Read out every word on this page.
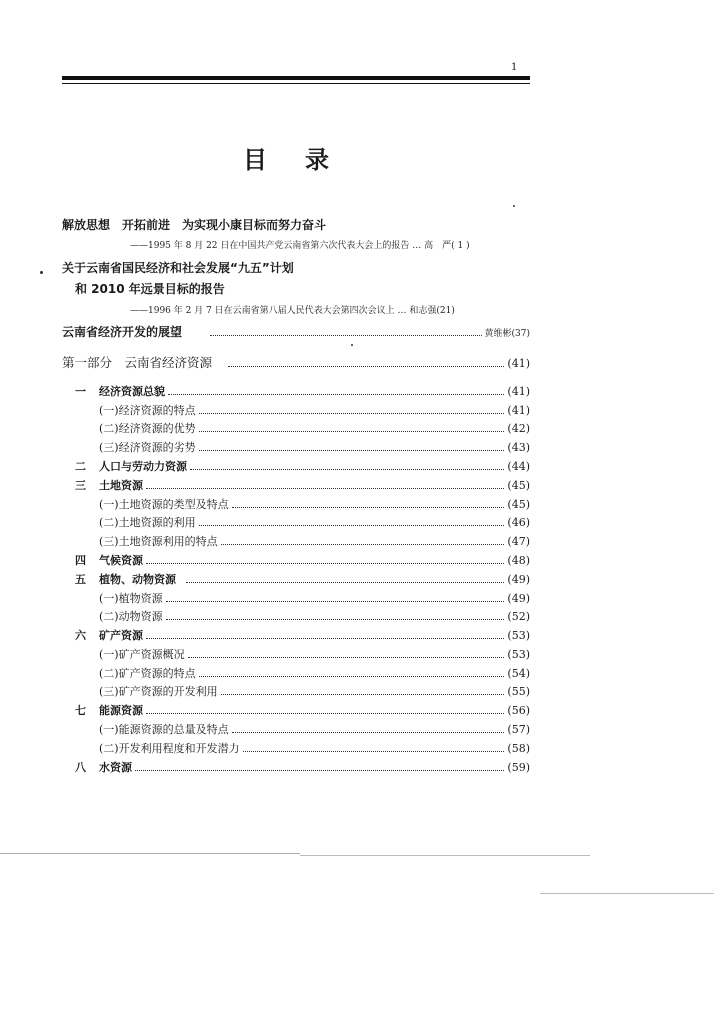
1
目录
解放思想　开拓前进　为实现小康目标而努力奋斗
——1995 年 8 月 22 日在中国共产党云南省第六次代表大会上的报告 … 高　严( 1 )
关于云南省国民经济和社会发展“九五”计划
和 2010 年远景目标的报告
——1996 年 2 月 7 日在云南省第八届人民代表大会第四次会议上 … 和志强(21)
云南省经济开发的展望	黄维彬(37)
第一部分　云南省经济资源	(41)
一	经济资源总貌	(41)
(一)经济资源的特点	(41)
(二)经济资源的优势	(42)
(三)经济资源的劣势	(43)
二	人口与劳动力资源	(44)
三	土地资源	(45)
(一)土地资源的类型及特点	(45)
(二)土地资源的利用	(46)
(三)土地资源利用的特点	(47)
四	气候资源	(48)
五	植物、动物资源	(49)
(一)植物资源	(49)
(二)动物资源	(52)
六	矿产资源	(53)
(一)矿产资源概况	(53)
(二)矿产资源的特点	(54)
(三)矿产资源的开发利用	(55)
七	能源资源	(56)
(一)能源资源的总量及特点	(57)
(二)开发利用程度和开发潜力	(58)
八	水资源	(59)
